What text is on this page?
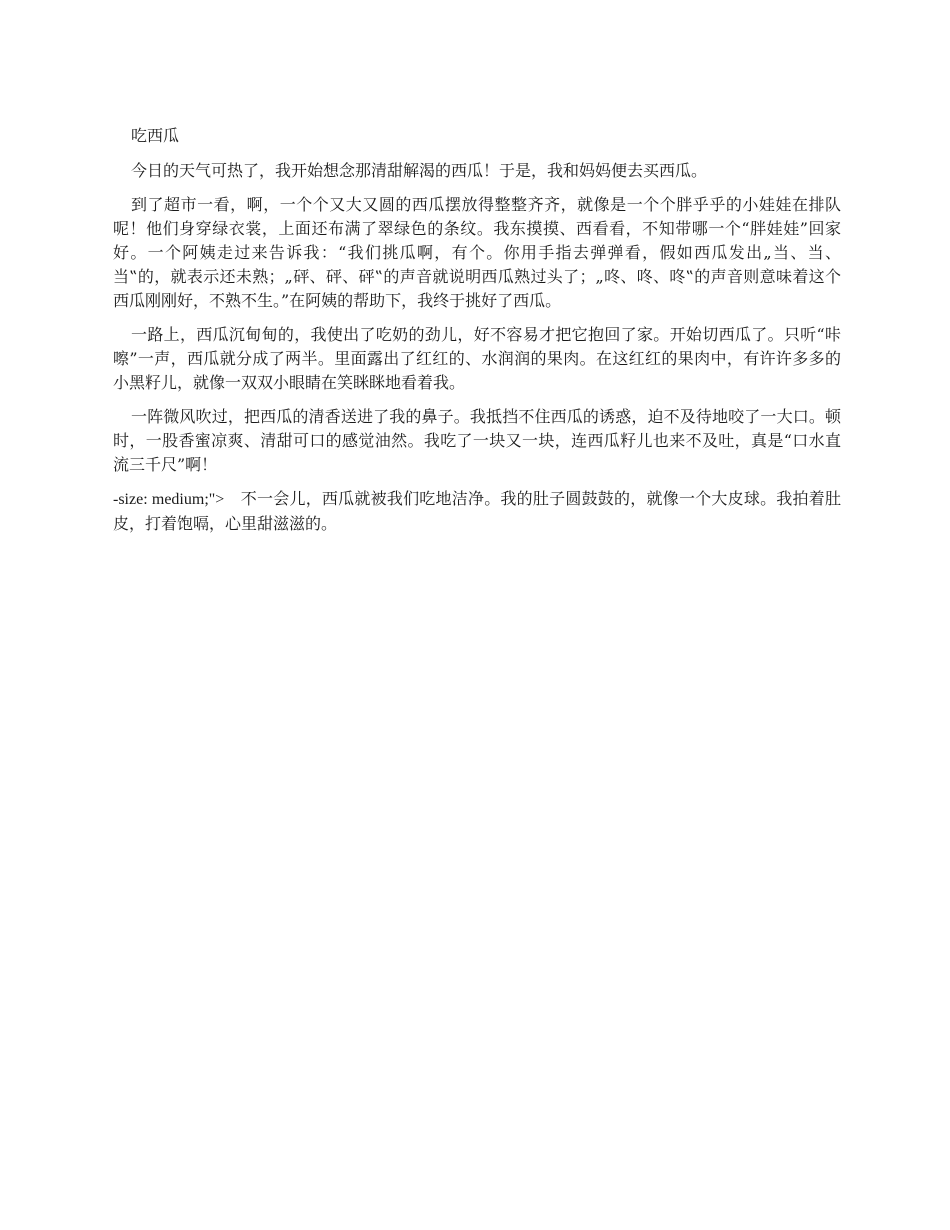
吃西瓜

今日的天气可热了，我开始想念那清甜解渴的西瓜！于是，我和妈妈便去买西瓜。

到了超市一看，啊，一个个又大又圆的西瓜摆放得整整齐齐，就像是一个个胖乎乎的小娃娃在排队呢！他们身穿绿衣裳，上面还布满了翠绿色的条纹。我东摸摸、西看看，不知带哪一个“胖娃娃”回家好。一个阿姨走过来告诉我：“我们挑瓜啊，有个。你用手指去弹弹看，假如西瓜发出„当、当、当‟的，就表示还未熟；„砰、砰、砰‟的声音就说明西瓜熟过头了；„咚、咚、咚‟的声音则意味着这个西瓜刚刚好，不熟不生。”在阿姨的帮助下，我终于挑好了西瓜。

一路上，西瓜沉甸甸的，我使出了吃奶的劲儿，好不容易才把它抱回了家。开始切西瓜了。只听“咔嚓”一声，西瓜就分成了两半。里面露出了红红的、水润润的果肉。在这红红的果肉中，有许许多多的小黑籽儿，就像一双双小眼睛在笑眯眯地看着我。

一阵微风吹过，把西瓜的清香送进了我的鼻子。我抵挡不住西瓜的诱惑，迫不及待地咬了一大口。顿时，一股香蜜凉爽、清甜可口的感觉油然。我吃了一块又一块，连西瓜籽儿也来不及吐，真是“口水直流三千尺”啊！

-size: medium;">　不一会儿，西瓜就被我们吃地洁净。我的肚子圆鼓鼓的，就像一个大皮球。我拍着肚皮，打着饱嗝，心里甜滋滋的。
